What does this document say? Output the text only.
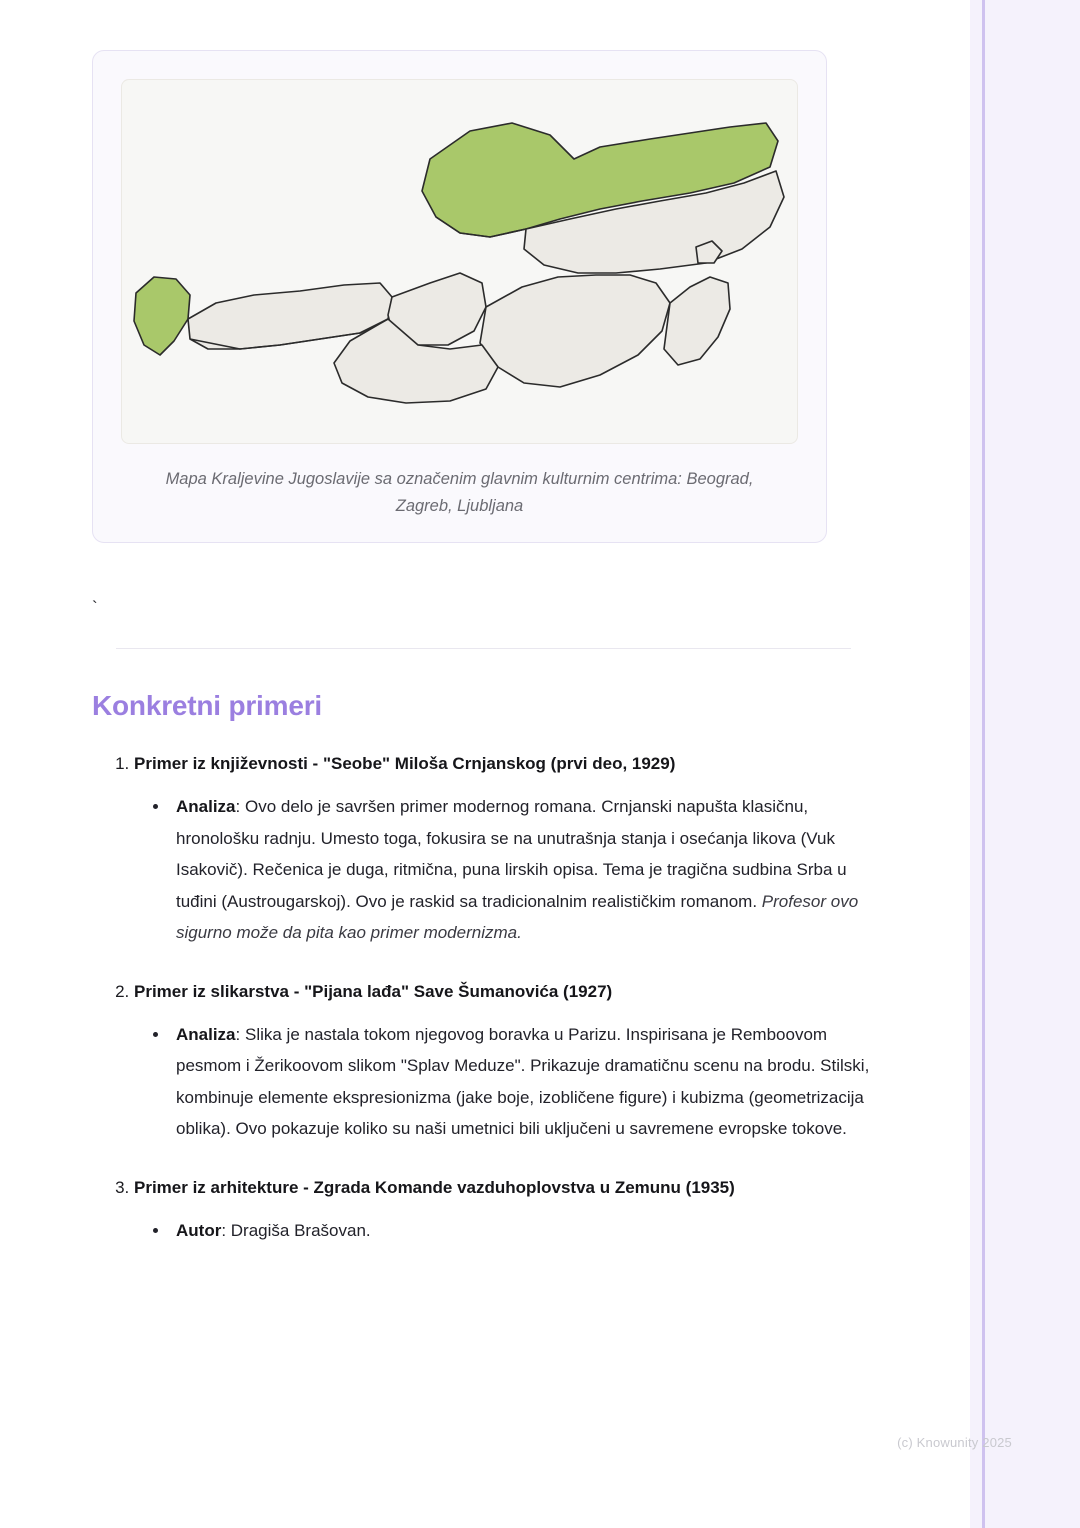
Mapa Kraljevine Jugoslavije sa označenim glavnim kulturnim centrima: Beograd, Zagreb, Ljubljana
`
Konkretni primeri
1. Primer iz književnosti - "Seobe" Miloša Crnjanskog (prvi deo, 1929)
• Analiza: Ovo delo je savršen primer modernog romana. Crnjanski napušta klasičnu, hronološku radnju. Umesto toga, fokusira se na unutrašnja stanja i osećanja likova (Vuk Isakovič). Rečenica je duga, ritmična, puna lirskih opisa. Tema je tragična sudbina Srba u tuđini (Austrougarskoj). Ovo je raskid sa tradicionalnim realističkim romanom. Profesor ovo sigurno može da pita kao primer modernizma.
2. Primer iz slikarstva - "Pijana lađa" Save Šumanovića (1927)
• Analiza: Slika je nastala tokom njegovog boravka u Parizu. Inspirisana je Remboovom pesmom i Žerikoovom slikom "Splav Meduze". Prikazuje dramatičnu scenu na brodu. Stilski, kombinuje elemente ekspresionizma (jake boje, izobličene figure) i kubizma (geometrizacija oblika). Ovo pokazuje koliko su naši umetnici bili uključeni u savremene evropske tokove.
3. Primer iz arhitekture - Zgrada Komande vazduhoplovstva u Zemunu (1935)
• Autor: Dragiša Brašovan.
(c) Knowunity 2025
